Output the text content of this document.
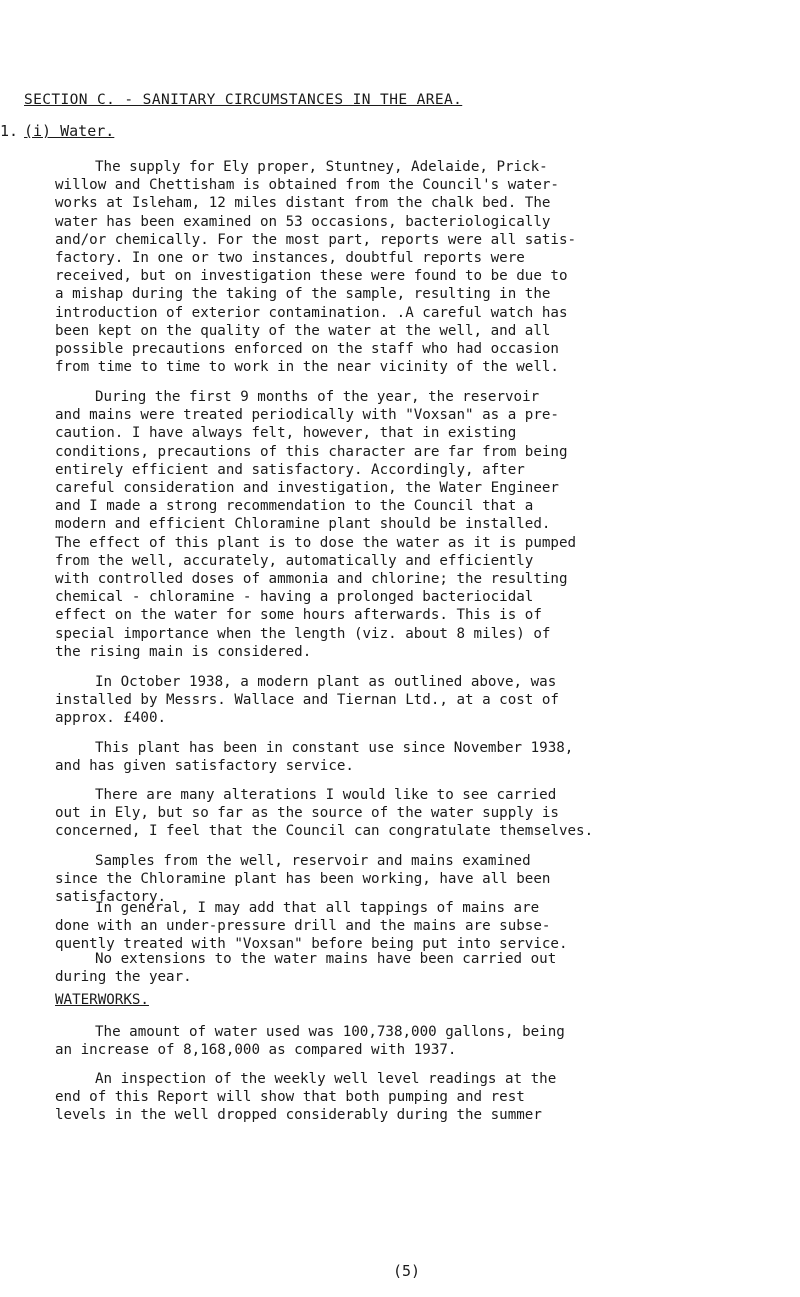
SECTION C. - SANITARY CIRCUMSTANCES IN THE AREA.
1. (i) Water.

The supply for Ely proper, Stuntney, Adelaide, Prick-
willow and Chettisham is obtained from the Council's water-
works at Isleham, 12 miles distant from the chalk bed. The
water has been examined on 53 occasions, bacteriologically
and/or chemically. For the most part, reports were all satis-
factory. In one or two instances, doubtful reports were
received, but on investigation these were found to be due to
a mishap during the taking of the sample, resulting in the
introduction of exterior contamination. .A careful watch has
been kept on the quality of the water at the well, and all
possible precautions enforced on the staff who had occasion
from time to time to work in the near vicinity of the well.

During the first 9 months of the year, the reservoir
and mains were treated periodically with "Voxsan" as a pre-
caution. I have always felt, however, that in existing
conditions, precautions of this character are far from being
entirely efficient and satisfactory. Accordingly, after
careful consideration and investigation, the Water Engineer
and I made a strong recommendation to the Council that a
modern and efficient Chloramine plant should be installed.
The effect of this plant is to dose the water as it is pumped
from the well, accurately, automatically and efficiently
with controlled doses of ammonia and chlorine; the resulting
chemical - chloramine - having a prolonged bacteriocidal
effect on the water for some hours afterwards. This is of
special importance when the length (viz. about 8 miles) of
the rising main is considered.

In October 1938, a modern plant as outlined above, was
installed by Messrs. Wallace and Tiernan Ltd., at a cost of
approx. £400.

This plant has been in constant use since November 1938,
and has given satisfactory service.

There are many alterations I would like to see carried
out in Ely, but so far as the source of the water supply is
concerned, I feel that the Council can congratulate themselves.

Samples from the well, reservoir and mains examined
since the Chloramine plant has been working, have all been
satisfactory.

In general, I may add that all tappings of mains are
done with an under-pressure drill and the mains are subse-
quently treated with "Voxsan" before being put into service.

No extensions to the water mains have been carried out
during the year.

WATERWORKS.

The amount of water used was 100,738,000 gallons, being
an increase of 8,168,000 as compared with 1937.

An inspection of the weekly well level readings at the
end of this Report will show that both pumping and rest
levels in the well dropped considerably during the summer

(5)
